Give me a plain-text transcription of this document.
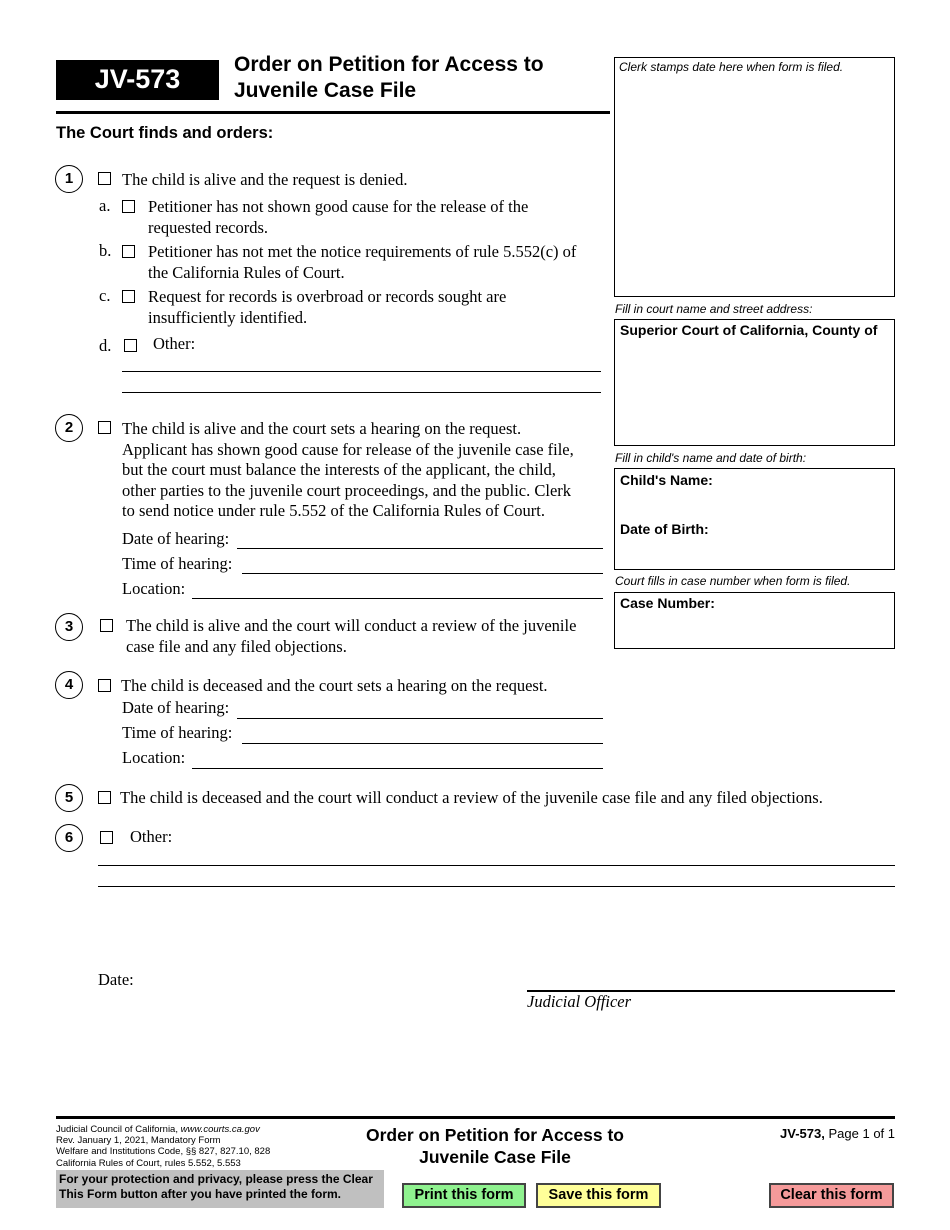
JV-573	Order on Petition for Access to
Juvenile Case File
The Court finds and orders:
Clerk stamps date here when form is filed.
Fill in court name and street address:
Superior Court of California, County of
Fill in child's name and date of birth:
Child's Name:
Date of Birth:
Court fills in case number when form is filed.
Case Number:
1	The child is alive and the request is denied.
a. Petitioner has not shown good cause for the release of the
requested records.
b. Petitioner has not met the notice requirements of rule 5.552(c) of
the California Rules of Court.
c. Request for records is overbroad or records sought are
insufficiently identified.
d.	Other:
2	The child is alive and the court sets a hearing on the request.
Applicant has shown good cause for release of the juvenile case file,
but the court must balance the interests of the applicant, the child,
other parties to the juvenile court proceedings, and the public. Clerk
to send notice under rule 5.552 of the California Rules of Court.
Date of hearing:
Time of hearing:
Location:
3	The child is alive and the court will conduct a review of the juvenile
case file and any filed objections.
4	The child is deceased and the court sets a hearing on the request.
Date of hearing:
Time of hearing:
Location:
5	The child is deceased and the court will conduct a review of the juvenile case file and any filed objections.
6	Other:
Date:
Judicial Officer
Judicial Council of California, www.courts.ca.gov
Rev. January 1, 2021, Mandatory Form
Welfare and Institutions Code, §§ 827, 827.10, 828
California Rules of Court, rules 5.552, 5.553
For your protection and privacy, please press the Clear
This Form button after you have printed the form.
Order on Petition for Access to
Juvenile Case File
JV-573, Page 1 of 1
Print this form	Save this form	Clear this form
